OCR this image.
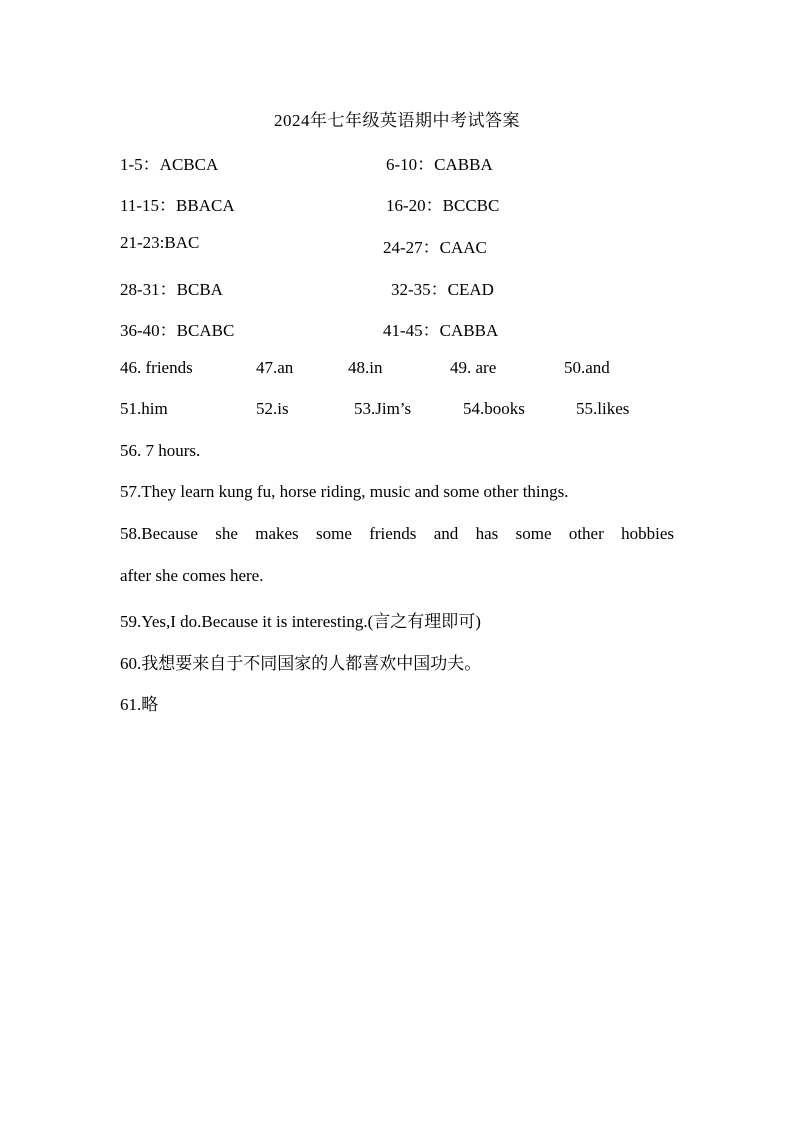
2024年七年级英语期中考试答案
1-5：ACBCA	6-10：CABBA
11-15：BBACA	16-20：BCCBC
21-23:BAC	24-27：CAAC
28-31：BCBA	32-35：CEAD
36-40：BCABC	41-45：CABBA
46. friends	47.an	48.in	49. are	50.and
51.him	52.is	53.Jim’s	54.books	55.likes
56. 7 hours.
57.They learn kung fu, horse riding, music and some other things.
58.Because she makes some friends and has some other hobbies
after she comes here.
59.Yes,I do.Because it is interesting.(言之有理即可)
60.我想要来自于不同国家的人都喜欢中国功夫。
61.略
